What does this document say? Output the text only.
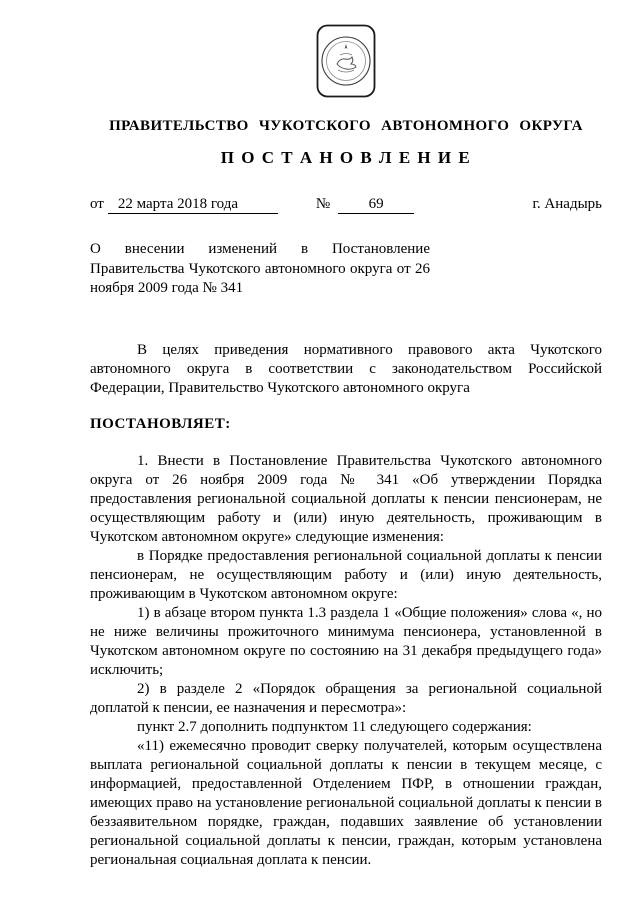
ПРАВИТЕЛЬСТВО ЧУКОТСКОГО АВТОНОМНОГО ОКРУГА
П О С Т А Н О В Л Е Н И Е
от 22 марта 2018 года	№	69	г. Анадырь
О внесении изменений в Постановление Правительства Чукотского автономного округа от 26 ноября 2009 года № 341

В целях приведения нормативного правового акта Чукотского автономного округа в соответствии с законодательством Российской Федерации, Правительство Чукотского автономного округа

ПОСТАНОВЛЯЕТ:

1. Внести в Постановление Правительства Чукотского автономного округа от 26 ноября 2009 года № 341 «Об утверждении Порядка предоставления региональной социальной доплаты к пенсии пенсионерам, не осуществляющим работу и (или) иную деятельность, проживающим в Чукотском автономном округе» следующие изменения:

в Порядке предоставления региональной социальной доплаты к пенсии пенсионерам, не осуществляющим работу и (или) иную деятельность, проживающим в Чукотском автономном округе:

1) в абзаце втором пункта 1.3 раздела 1 «Общие положения» слова «, но не ниже величины прожиточного минимума пенсионера, установленной в Чукотском автономном округе по состоянию на 31 декабря предыдущего года» исключить;

2) в разделе 2 «Порядок обращения за региональной социальной доплатой к пенсии, ее назначения и пересмотра»:

пункт 2.7 дополнить подпунктом 11 следующего содержания:

«11) ежемесячно проводит сверку получателей, которым осуществлена выплата региональной социальной доплаты к пенсии в текущем месяце, с информацией, предоставленной Отделением ПФР, в отношении граждан, имеющих право на установление региональной социальной доплаты к пенсии в беззаявительном порядке, граждан, подавших заявление об установлении региональной социальной доплаты к пенсии, граждан, которым установлена региональная социальная доплата к пенсии.
